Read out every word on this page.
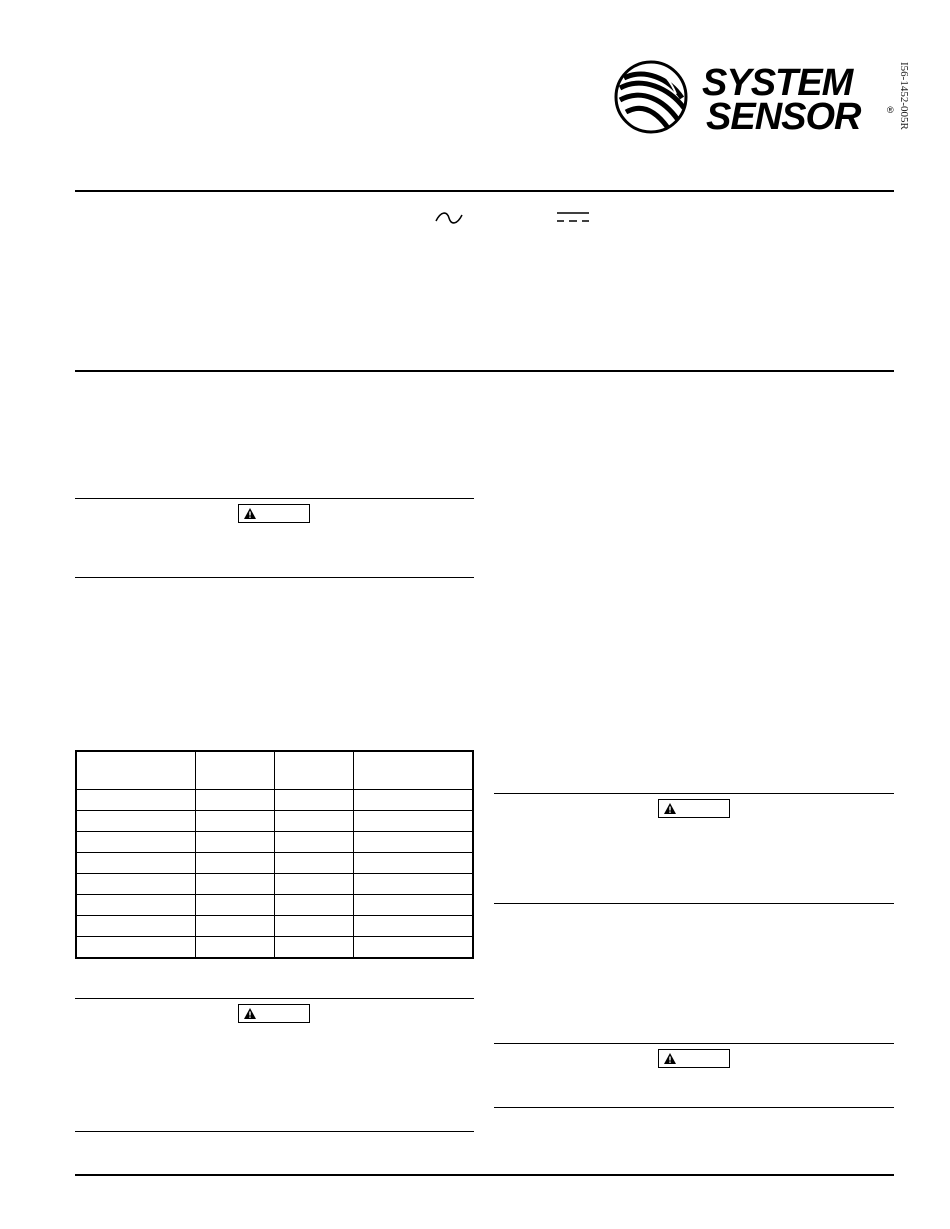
SYSTEM
SENSOR	® I56-1452-005R
